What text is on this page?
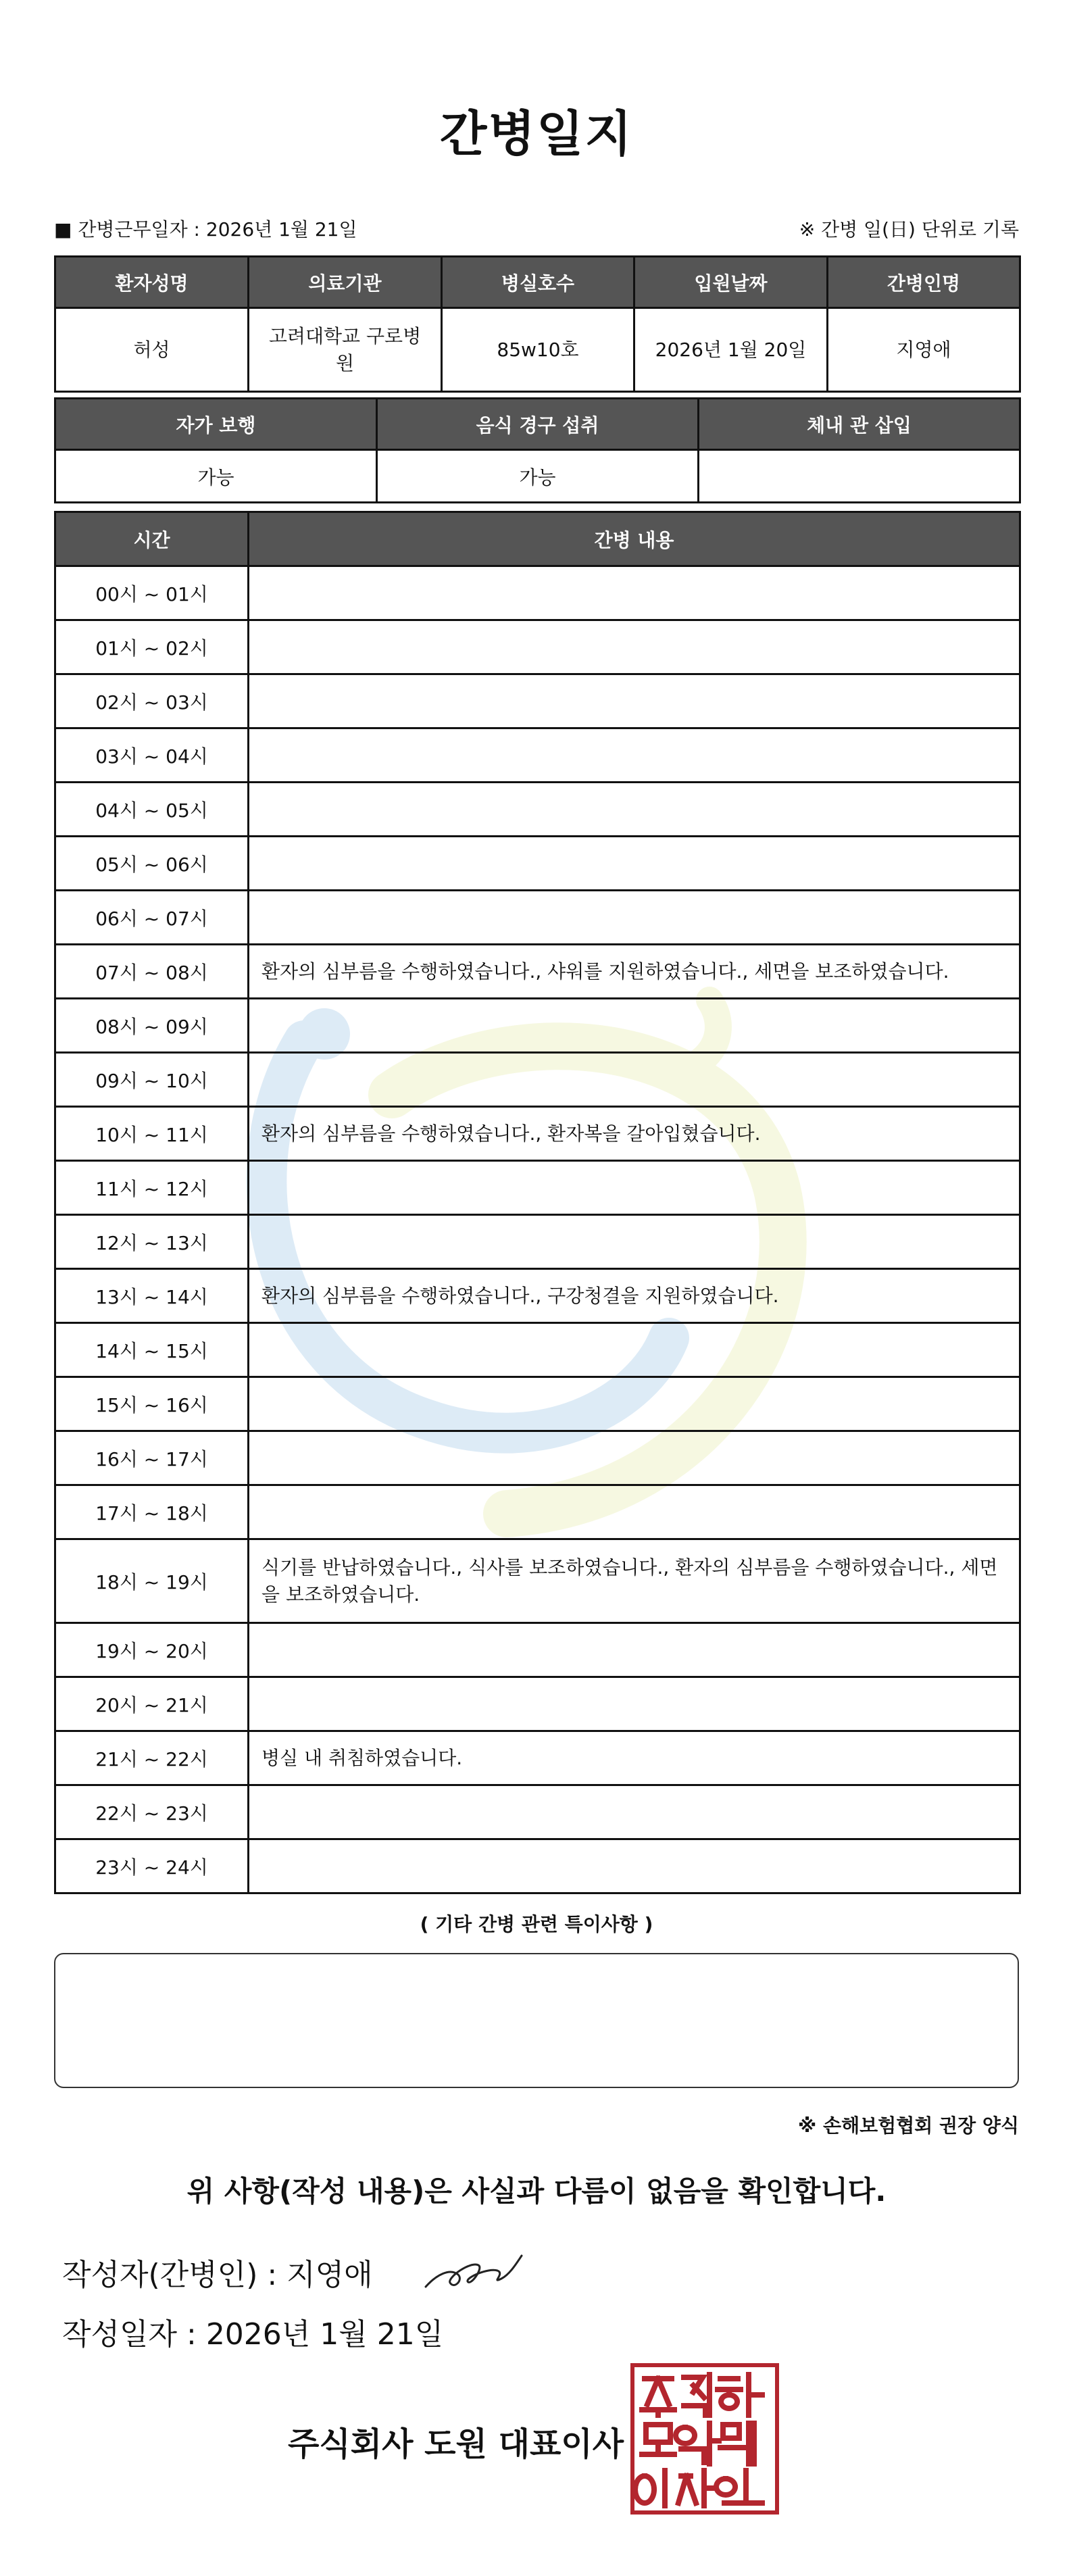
간병일지
■ 간병근무일자 : 2026년 1월 21일	※ 간병 일(日) 단위로 기록
환자성명	의료기관	병실호수	입원날짜	간병인명
허성	고려대학교 구로병원	85w10호	2026년 1월 20일	지영애
자가 보행	음식 경구 섭취	체내 관 삽입
가능	가능	
시간	간병 내용
00시 ~ 01시	
01시 ~ 02시	
02시 ~ 03시	
03시 ~ 04시	
04시 ~ 05시	
05시 ~ 06시	
06시 ~ 07시	
07시 ~ 08시	환자의 심부름을 수행하였습니다., 샤워를 지원하였습니다., 세면을 보조하였습니다.
08시 ~ 09시	
09시 ~ 10시	
10시 ~ 11시	환자의 심부름을 수행하였습니다., 환자복을 갈아입혔습니다.
11시 ~ 12시	
12시 ~ 13시	
13시 ~ 14시	환자의 심부름을 수행하였습니다., 구강청결을 지원하였습니다.
14시 ~ 15시	
15시 ~ 16시	
16시 ~ 17시	
17시 ~ 18시	
18시 ~ 19시	식기를 반납하였습니다., 식사를 보조하였습니다., 환자의 심부름을 수행하였습니다., 세면을 보조하였습니다.
19시 ~ 20시	
20시 ~ 21시	
21시 ~ 22시	병실 내 취침하였습니다.
22시 ~ 23시	
23시 ~ 24시	
( 기타 간병 관련 특이사항 )
※ 손해보험협회 권장 양식
위 사항(작성 내용)은 사실과 다름이 없음을 확인합니다.
작성자(간병인) : 지영애
작성일자 : 2026년 1월 21일
주식회사 도원 대표이사
